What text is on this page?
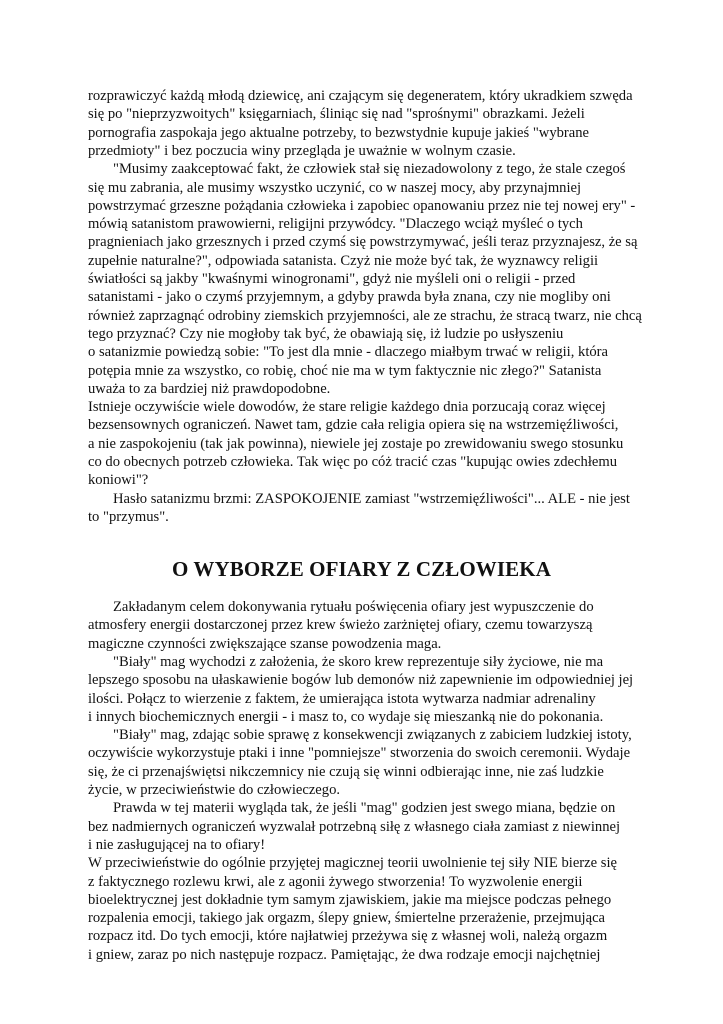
rozprawiczyć każdą młodą dziewicę, ani czającym się degeneratem, który ukradkiem szwęda
się po "nieprzyzwoitych" księgarniach, śliniąc się nad "sprośnymi" obrazkami. Jeżeli
pornografia zaspokaja jego aktualne potrzeby, to bezwstydnie kupuje jakieś "wybrane
przedmioty" i bez poczucia winy przegląda je uważnie w wolnym czasie.
"Musimy zaakceptować fakt, że człowiek stał się niezadowolony z tego, że stale czegoś
się mu zabrania, ale musimy wszystko uczynić, co w naszej mocy, aby przynajmniej
powstrzymać grzeszne pożądania człowieka i zapobiec opanowaniu przez nie tej nowej ery" -
mówią satanistom prawowierni, religijni przywódcy. "Dlaczego wciąż myśleć o tych
pragnieniach jako grzesznych i przed czymś się powstrzymywać, jeśli teraz przyznajesz, że są
zupełnie naturalne?", odpowiada satanista. Czyż nie może być tak, że wyznawcy religii
światłości są jakby "kwaśnymi winogronami", gdyż nie myśleli oni o religii - przed
satanistami - jako o czymś przyjemnym, a gdyby prawda była znana, czy nie mogliby oni
również zaprzagnąć odrobiny ziemskich przyjemności, ale ze strachu, że stracą twarz, nie chcą
tego przyznać? Czy nie mogłoby tak być, że obawiają się, iż ludzie po usłyszeniu
o satanizmie powiedzą sobie: "To jest dla mnie - dlaczego miałbym trwać w religii, która
potępia mnie za wszystko, co robię, choć nie ma w tym faktycznie nic złego?" Satanista
uważa to za bardziej niż prawdopodobne.
Istnieje oczywiście wiele dowodów, że stare religie każdego dnia porzucają coraz więcej
bezsensownych ograniczeń. Nawet tam, gdzie cała religia opiera się na wstrzemięźliwości,
a nie zaspokojeniu (tak jak powinna), niewiele jej zostaje po zrewidowaniu swego stosunku
co do obecnych potrzeb człowieka. Tak więc po cóż tracić czas "kupując owies zdechłemu
koniowi"?
Hasło satanizmu brzmi: ZASPOKOJENIE zamiast "wstrzemięźliwości"... ALE - nie jest
to "przymus".
O WYBORZE OFIARY Z CZŁOWIEKA
Zakładanym celem dokonywania rytuału poświęcenia ofiary jest wypuszczenie do
atmosfery energii dostarczonej przez krew świeżo zarżniętej ofiary, czemu towarzyszą
magiczne czynności zwiększające szanse powodzenia maga.
"Biały" mag wychodzi z założenia, że skoro krew reprezentuje siły życiowe, nie ma
lepszego sposobu na ułaskawienie bogów lub demonów niż zapewnienie im odpowiedniej jej
ilości. Połącz to wierzenie z faktem, że umierająca istota wytwarza nadmiar adrenaliny
i innych biochemicznych energii - i masz to, co wydaje się mieszanką nie do pokonania.
"Biały" mag, zdając sobie sprawę z konsekwencji związanych z zabiciem ludzkiej istoty,
oczywiście wykorzystuje ptaki i inne "pomniejsze" stworzenia do swoich ceremonii. Wydaje
się, że ci przenajświętsi nikczemnicy nie czują się winni odbierając inne, nie zaś ludzkie
życie, w przeciwieństwie do człowieczego.
Prawda w tej materii wygląda tak, że jeśli "mag" godzien jest swego miana, będzie on
bez nadmiernych ograniczeń wyzwalał potrzebną siłę z własnego ciała zamiast z niewinnej
i nie zasługującej na to ofiary!
W przeciwieństwie do ogólnie przyjętej magicznej teorii uwolnienie tej siły NIE bierze się
z faktycznego rozlewu krwi, ale z agonii żywego stworzenia! To wyzwolenie energii
bioelektrycznej jest dokładnie tym samym zjawiskiem, jakie ma miejsce podczas pełnego
rozpalenia emocji, takiego jak orgazm, ślepy gniew, śmiertelne przerażenie, przejmująca
rozpacz itd. Do tych emocji, które najłatwiej przeżywa się z własnej woli, należą orgazm
i gniew, zaraz po nich następuje rozpacz. Pamiętając, że dwa rodzaje emocji najchętniej
